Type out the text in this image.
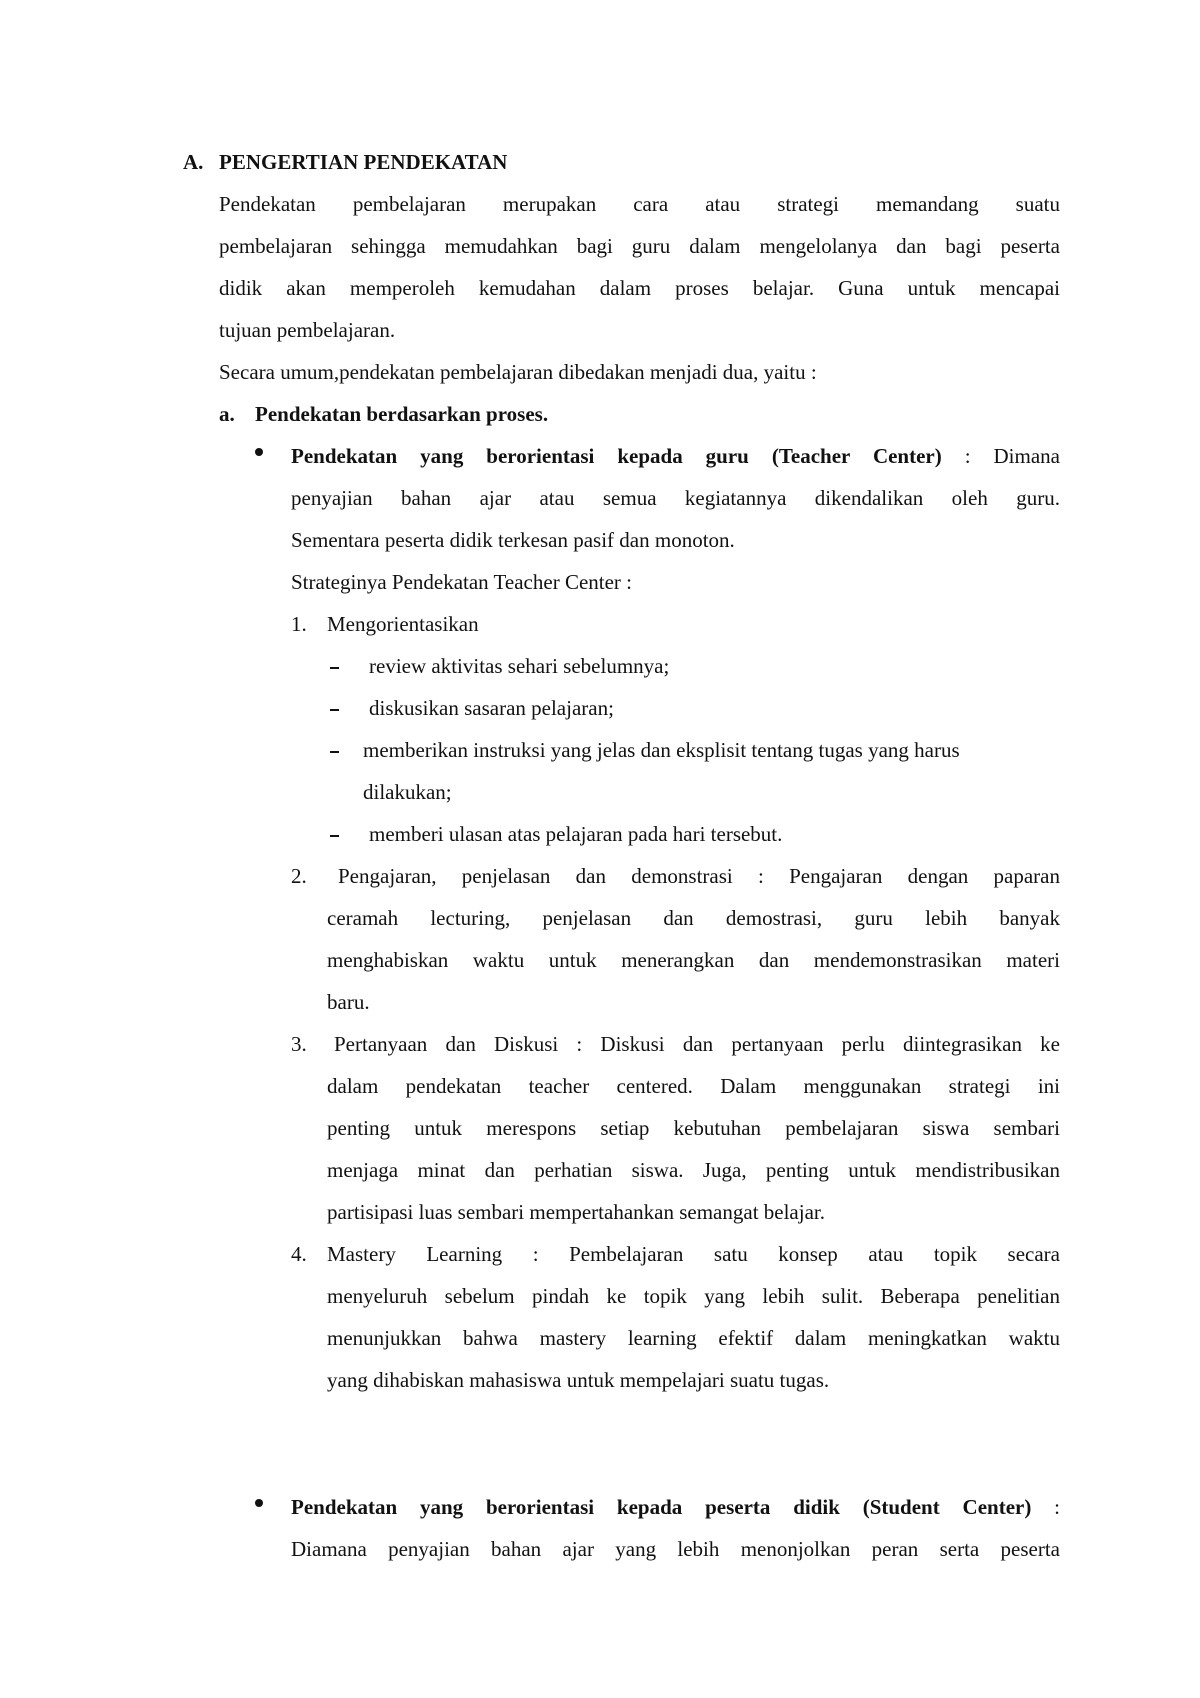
A. PENGERTIAN PENDEKATAN
Pendekatan pembelajaran merupakan cara atau strategi memandang suatu
pembelajaran sehingga memudahkan bagi guru dalam mengelolanya dan bagi peserta
didik akan memperoleh kemudahan dalam proses belajar. Guna untuk mencapai
tujuan pembelajaran.
Secara umum,pendekatan pembelajaran dibedakan menjadi dua, yaitu :
a. Pendekatan berdasarkan proses.
Pendekatan yang berorientasi kepada guru (Teacher Center) : Dimana
penyajian bahan ajar atau semua kegiatannya dikendalikan oleh guru.
Sementara peserta didik terkesan pasif dan monoton.
Strateginya Pendekatan Teacher Center :
1. Mengorientasikan
review aktivitas sehari sebelumnya;
diskusikan sasaran pelajaran;
memberikan instruksi yang jelas dan eksplisit tentang tugas yang harus
dilakukan;
memberi ulasan atas pelajaran pada hari tersebut.
2. Pengajaran, penjelasan dan demonstrasi : Pengajaran dengan paparan
ceramah lecturing, penjelasan dan demostrasi, guru lebih banyak
menghabiskan waktu untuk menerangkan dan mendemonstrasikan materi
baru.
3. Pertanyaan dan Diskusi : Diskusi dan pertanyaan perlu diintegrasikan ke
dalam pendekatan teacher centered. Dalam menggunakan strategi ini
penting untuk merespons setiap kebutuhan pembelajaran siswa sembari
menjaga minat dan perhatian siswa. Juga, penting untuk mendistribusikan
partisipasi luas sembari mempertahankan semangat belajar.
4. Mastery Learning : Pembelajaran satu konsep atau topik secara
menyeluruh sebelum pindah ke topik yang lebih sulit. Beberapa penelitian
menunjukkan bahwa mastery learning efektif dalam meningkatkan waktu
yang dihabiskan mahasiswa untuk mempelajari suatu tugas.
Pendekatan yang berorientasi kepada peserta didik (Student Center) :
Diamana penyajian bahan ajar yang lebih menonjolkan peran serta peserta
